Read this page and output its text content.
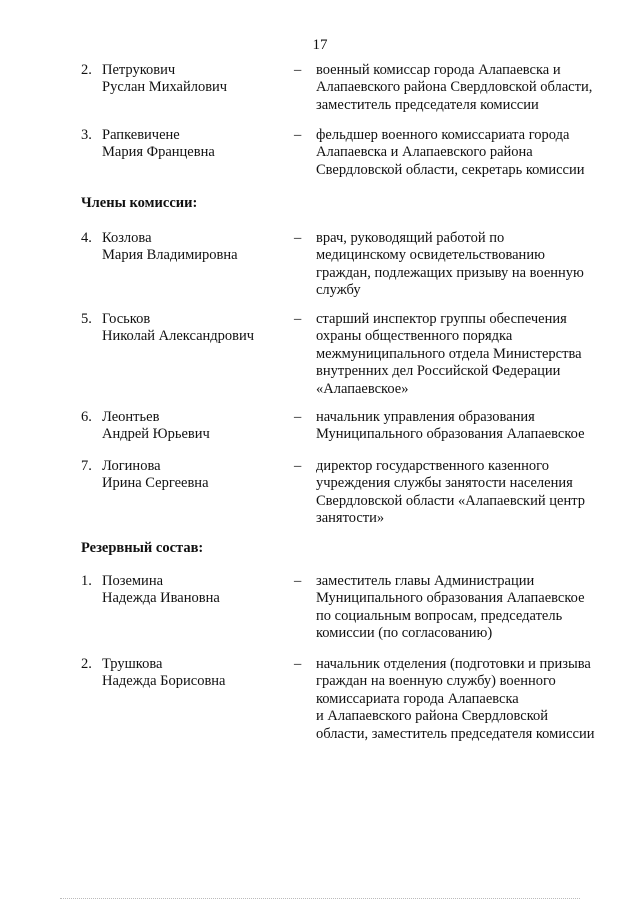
17
2. Петрукович
Руслан Михайлович
– военный комиссар города Алапаевска и
Алапаевского района Свердловской области,
заместитель председателя комиссии
3. Рапкевичене
Мария Францевна
– фельдшер военного комиссариата города
Алапаевска и Алапаевского района
Свердловской области, секретарь комиссии
Члены комиссии:
4. Козлова
Мария Владимировна
– врач, руководящий работой по
медицинскому освидетельствованию
граждан, подлежащих призыву на военную
службу
5. Госьков
Николай Александрович
– старший инспектор группы обеспечения
охраны общественного порядка
межмуниципального отдела Министерства
внутренних дел Российской Федерации
«Алапаевское»
6. Леонтьев
Андрей Юрьевич
– начальник управления образования
Муниципального образования Алапаевское
7. Логинова
Ирина Сергеевна
– директор государственного казенного
учреждения службы занятости населения
Свердловской области «Алапаевский центр
занятости»
Резервный состав:
1. Поземина
Надежда Ивановна
– заместитель главы Администрации
Муниципального образования Алапаевское
по социальным вопросам, председатель
комиссии (по согласованию)
2. Трушкова
Надежда Борисовна
– начальник отделения (подготовки и призыва
граждан на военную службу) военного
комиссариата города Алапаевска
и Алапаевского района Свердловской
области, заместитель председателя комиссии
